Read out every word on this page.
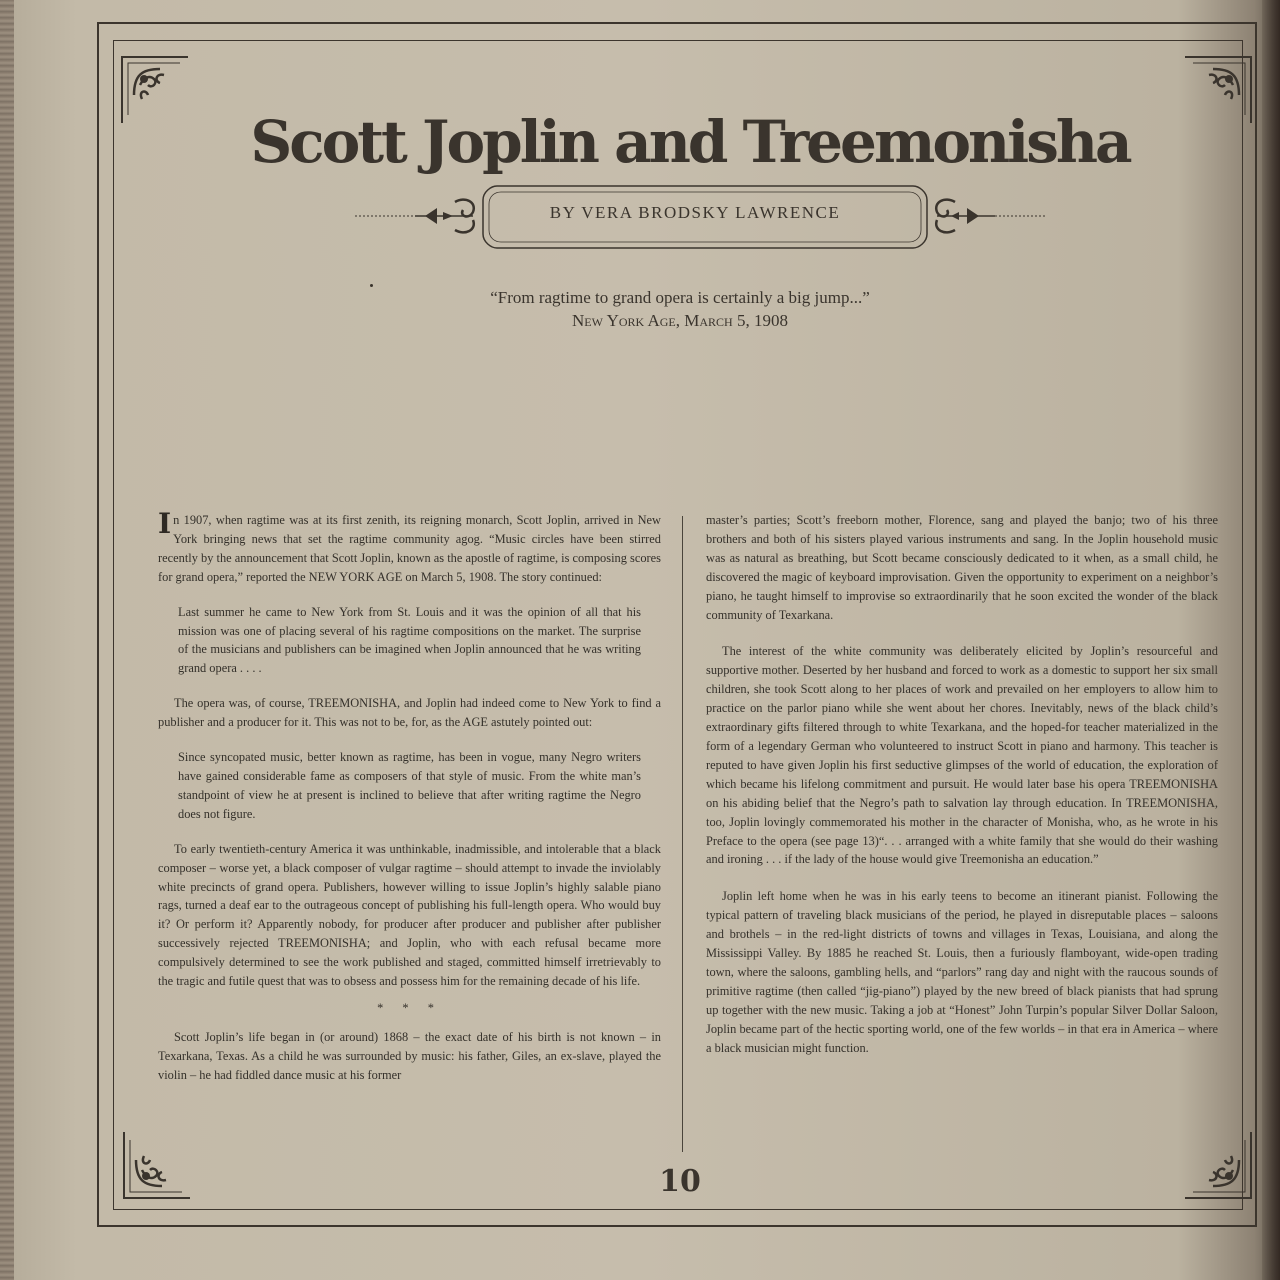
Scott Joplin and Treemonisha
BY VERA BRODSKY LAWRENCE
“From ragtime to grand opera is certainly a big jump...”
New York Age, March 5, 1908

In 1907, when ragtime was at its first zenith, its reigning monarch, Scott Joplin, arrived in New York bringing news that set the ragtime community agog. “Music circles have been stirred recently by the announcement that Scott Joplin, known as the apostle of ragtime, is composing scores for grand opera,” reported the NEW YORK AGE on March 5, 1908. The story continued:

Last summer he came to New York from St. Louis and it was the opinion of all that his mission was one of placing several of his ragtime compositions on the market. The surprise of the musicians and publishers can be imagined when Joplin announced that he was writing grand opera . . . .

The opera was, of course, TREEMONISHA, and Joplin had indeed come to New York to find a publisher and a producer for it. This was not to be, for, as the AGE astutely pointed out:

Since syncopated music, better known as ragtime, has been in vogue, many Negro writers have gained considerable fame as composers of that style of music. From the white man’s standpoint of view he at present is inclined to believe that after writing ragtime the Negro does not figure.

To early twentieth-century America it was unthinkable, inadmissible, and intolerable that a black composer – worse yet, a black composer of vulgar ragtime – should attempt to invade the inviolably white precincts of grand opera. Publishers, however willing to issue Joplin’s highly salable piano rags, turned a deaf ear to the outrageous concept of publishing his full-length opera. Who would buy it? Or perform it? Apparently nobody, for producer after producer and publisher after publisher successively rejected TREEMONISHA; and Joplin, who with each refusal became more compulsively determined to see the work published and staged, committed himself irretrievably to the tragic and futile quest that was to obsess and possess him for the remaining decade of his life.

* * *

Scott Joplin’s life began in (or around) 1868 – the exact date of his birth is not known – in Texarkana, Texas. As a child he was surrounded by music: his father, Giles, an ex-slave, played the violin – he had fiddled dance music at his former

master’s parties; Scott’s freeborn mother, Florence, sang and played the banjo; two of his three brothers and both of his sisters played various instruments and sang. In the Joplin household music was as natural as breathing, but Scott became consciously dedicated to it when, as a small child, he discovered the magic of keyboard improvisation. Given the opportunity to experiment on a neighbor’s piano, he taught himself to improvise so extraordinarily that he soon excited the wonder of the black community of Texarkana.

The interest of the white community was deliberately elicited by Joplin’s resourceful and supportive mother. Deserted by her husband and forced to work as a domestic to support her six small children, she took Scott along to her places of work and prevailed on her employers to allow him to practice on the parlor piano while she went about her chores. Inevitably, news of the black child’s extraordinary gifts filtered through to white Texarkana, and the hoped-for teacher materialized in the form of a legendary German who volunteered to instruct Scott in piano and harmony. This teacher is reputed to have given Joplin his first seductive glimpses of the world of education, the exploration of which became his lifelong commitment and pursuit. He would later base his opera TREEMONISHA on his abiding belief that the Negro’s path to salvation lay through education. In TREEMONISHA, too, Joplin lovingly commemorated his mother in the character of Monisha, who, as he wrote in his Preface to the opera (see page 13)“. . . arranged with a white family that she would do their washing and ironing . . . if the lady of the house would give Treemonisha an education.”

Joplin left home when he was in his early teens to become an itinerant pianist. Following the typical pattern of traveling black musicians of the period, he played in disreputable places – saloons and brothels – in the red-light districts of towns and villages in Texas, Louisiana, and along the Mississippi Valley. By 1885 he reached St. Louis, then a furiously flamboyant, wide-open trading town, where the saloons, gambling hells, and “parlors” rang day and night with the raucous sounds of primitive ragtime (then called “jig-piano”) played by the new breed of black pianists that had sprung up together with the new music. Taking a job at “Honest” John Turpin’s popular Silver Dollar Saloon, Joplin became part of the hectic sporting world, one of the few worlds – in that era in America – where a black musician might function.

10
